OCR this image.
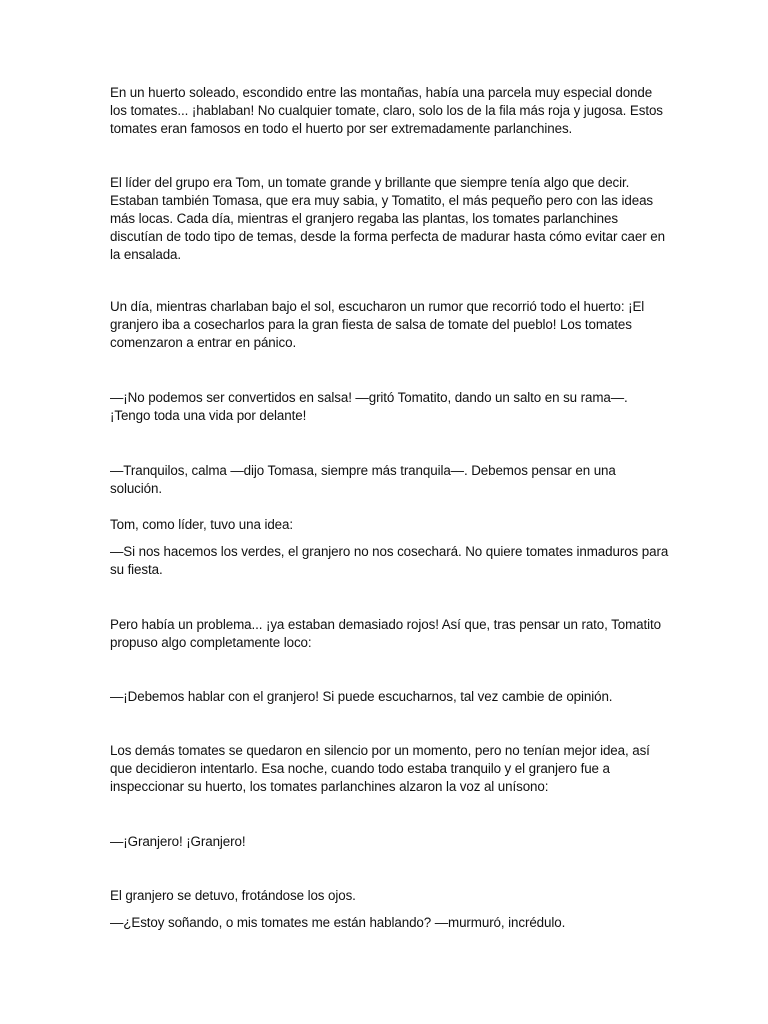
En un huerto soleado, escondido entre las montañas, había una parcela muy especial donde los tomates... ¡hablaban! No cualquier tomate, claro, solo los de la fila más roja y jugosa. Estos tomates eran famosos en todo el huerto por ser extremadamente parlanchines.

El líder del grupo era Tom, un tomate grande y brillante que siempre tenía algo que decir. Estaban también Tomasa, que era muy sabia, y Tomatito, el más pequeño pero con las ideas más locas. Cada día, mientras el granjero regaba las plantas, los tomates parlanchines discutían de todo tipo de temas, desde la forma perfecta de madurar hasta cómo evitar caer en la ensalada.

Un día, mientras charlaban bajo el sol, escucharon un rumor que recorrió todo el huerto: ¡El granjero iba a cosecharlos para la gran fiesta de salsa de tomate del pueblo! Los tomates comenzaron a entrar en pánico.

—¡No podemos ser convertidos en salsa! —gritó Tomatito, dando un salto en su rama—. ¡Tengo toda una vida por delante!

—Tranquilos, calma —dijo Tomasa, siempre más tranquila—. Debemos pensar en una solución.

Tom, como líder, tuvo una idea:

—Si nos hacemos los verdes, el granjero no nos cosechará. No quiere tomates inmaduros para su fiesta.

Pero había un problema... ¡ya estaban demasiado rojos! Así que, tras pensar un rato, Tomatito propuso algo completamente loco:

—¡Debemos hablar con el granjero! Si puede escucharnos, tal vez cambie de opinión.

Los demás tomates se quedaron en silencio por un momento, pero no tenían mejor idea, así que decidieron intentarlo. Esa noche, cuando todo estaba tranquilo y el granjero fue a inspeccionar su huerto, los tomates parlanchines alzaron la voz al unísono:

—¡Granjero! ¡Granjero!

El granjero se detuvo, frotándose los ojos.

—¿Estoy soñando, o mis tomates me están hablando? —murmuró, incrédulo.
